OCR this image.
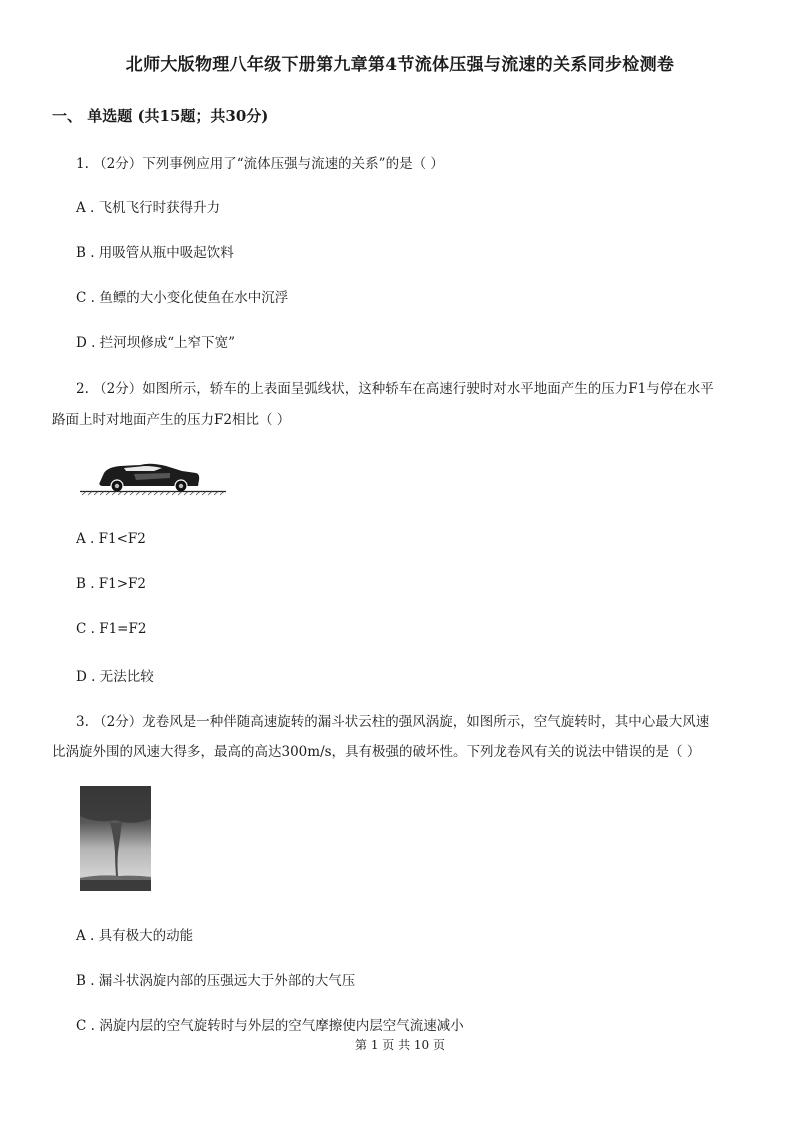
北师大版物理八年级下册第九章第4节流体压强与流速的关系同步检测卷
一、 单选题 (共15题；共30分)
1. （2分）下列事例应用了“流体压强与流速的关系”的是（ ）
A . 飞机飞行时获得升力
B . 用吸管从瓶中吸起饮料
C . 鱼鳔的大小变化使鱼在水中沉浮
D . 拦河坝修成“上窄下宽”
2. （2分）如图所示，轿车的上表面呈弧线状，这种轿车在高速行驶时对水平地面产生的压力F1与停在水平
路面上时对地面产生的压力F2相比（ ）
A . F1<F2
B . F1>F2
C . F1=F2
D . 无法比较
3. （2分）龙卷风是一种伴随高速旋转的漏斗状云柱的强风涡旋，如图所示，空气旋转时，其中心最大风速
比涡旋外围的风速大得多，最高的高达300m/s，具有极强的破坏性。下列龙卷风有关的说法中错误的是（ ）
A . 具有极大的动能
B . 漏斗状涡旋内部的压强远大于外部的大气压
C . 涡旋内层的空气旋转时与外层的空气摩擦使内层空气流速减小
第 1 页 共 10 页
